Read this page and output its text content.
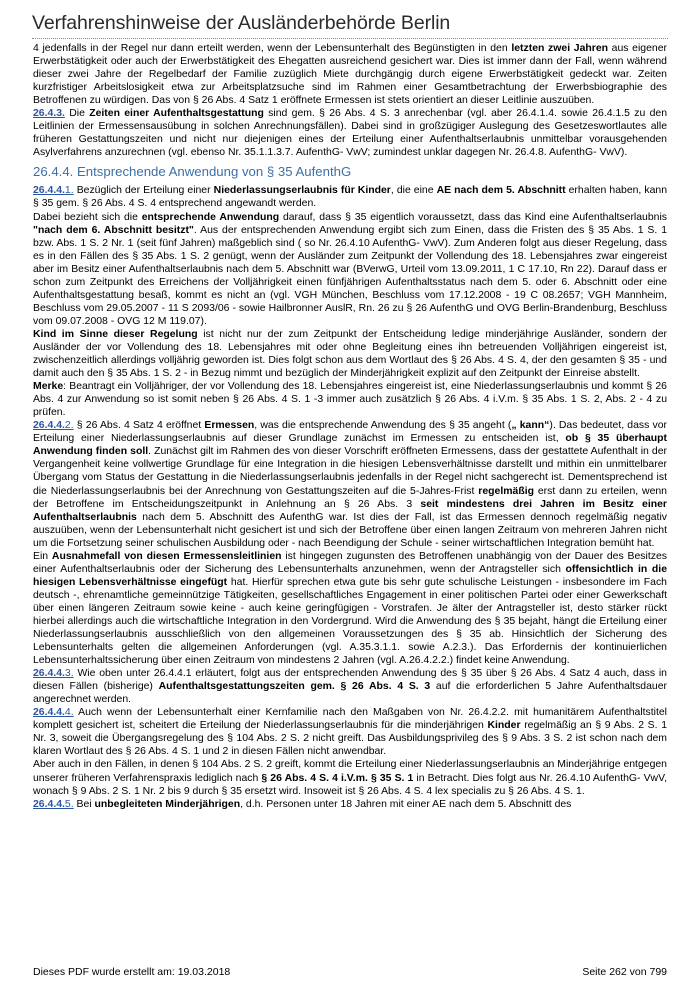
Verfahrenshinweise der Ausländerbehörde Berlin

4 jedenfalls in der Regel nur dann erteilt werden, wenn der Lebensunterhalt des Begünstigten in den letzten zwei Jahren aus eigener Erwerbstätigkeit oder auch der Erwerbstätigkeit des Ehegatten ausreichend gesichert war. Dies ist immer dann der Fall, wenn während dieser zwei Jahre der Regelbedarf der Familie zuzüglich Miete durchgängig durch eigene Erwerbstätigkeit gedeckt war. Zeiten kurzfristiger Arbeitslosigkeit etwa zur Arbeitsplatzsuche sind im Rahmen einer Gesamtbetrachtung der Erwerbsbiographie des Betroffenen zu würdigen. Das von § 26 Abs. 4 Satz 1 eröffnete Ermessen ist stets orientiert an dieser Leitlinie auszuüben.

26.4.3. Die Zeiten einer Aufenthaltsgestattung sind gem. § 26 Abs. 4 S. 3 anrechenbar (vgl. aber 26.4.1.4. sowie 26.4.1.5 zu den Leitlinien der Ermessensausübung in solchen Anrechnungsfällen). Dabei sind in großzügiger Auslegung des Gesetzeswortlautes alle früheren Gestattungszeiten und nicht nur diejenigen eines der Erteilung einer Aufenthaltserlaubnis unmittelbar vorausgehenden Asylverfahrens anzurechnen (vgl. ebenso Nr. 35.1.1.3.7. AufenthG- VwV; zumindest unklar dagegen Nr. 26.4.8. AufenthG- VwV).

26.4.4. Entsprechende Anwendung von § 35 AufenthG

26.4.4.1. Bezüglich der Erteilung einer Niederlassungserlaubnis für Kinder, die eine AE nach dem 5. Abschnitt erhalten haben, kann § 35 gem. § 26 Abs. 4 S. 4 entsprechend angewandt werden.

Dabei bezieht sich die entsprechende Anwendung darauf, dass § 35 eigentlich voraussetzt, dass das Kind eine Aufenthaltserlaubnis "nach dem 6. Abschnitt besitzt". Aus der entsprechenden Anwendung ergibt sich zum Einen, dass die Fristen des § 35 Abs. 1 S. 1 bzw. Abs. 1 S. 2 Nr. 1 (seit fünf Jahren) maßgeblich sind ( so Nr. 26.4.10 AufenthG- VwV). Zum Anderen folgt aus dieser Regelung, dass es in den Fällen des § 35 Abs. 1 S. 2 genügt, wenn der Ausländer zum Zeitpunkt der Vollendung des 18. Lebensjahres zwar eingereist aber im Besitz einer Aufenthaltserlaubnis nach dem 5. Abschnitt war (BVerwG, Urteil vom 13.09.2011, 1 C 17.10, Rn 22). Darauf dass er schon zum Zeitpunkt des Erreichens der Volljährigkeit einen fünfjährigen Aufenthaltsstatus nach dem 5. oder 6. Abschnitt oder eine Aufenthaltsgestattung besaß, kommt es nicht an (vgl. VGH München, Beschluss vom 17.12.2008 - 19 C 08.2657; VGH Mannheim, Beschluss vom 29.05.2007 - 11 S 2093/06 - sowie Hailbronner AuslR, Rn. 26 zu § 26 AufenthG und OVG Berlin-Brandenburg, Beschluss vom 09.07.2008 - OVG 12 M 119.07).

Kind im Sinne dieser Regelung ist nicht nur der zum Zeitpunkt der Entscheidung ledige minderjährige Ausländer, sondern der Ausländer der vor Vollendung des 18. Lebensjahres mit oder ohne Begleitung eines ihn betreuenden Volljährigen eingereist ist, zwischenzeitlich allerdings volljährig geworden ist. Dies folgt schon aus dem Wortlaut des § 26 Abs. 4 S. 4, der den gesamten § 35 - und damit auch den § 35 Abs. 1 S. 2 - in Bezug nimmt und bezüglich der Minderjährigkeit explizit auf den Zeitpunkt der Einreise abstellt.

Merke: Beantragt ein Volljähriger, der vor Vollendung des 18. Lebensjahres eingereist ist, eine Niederlassungserlaubnis und kommt § 26 Abs. 4 zur Anwendung so ist somit neben § 26 Abs. 4 S. 1 -3 immer auch zusätzlich § 26 Abs. 4 i.V.m. § 35 Abs. 1 S. 2, Abs. 2 - 4 zu prüfen.

26.4.4.2. § 26 Abs. 4 Satz 4 eröffnet Ermessen, was die entsprechende Anwendung des § 35 angeht („ kann“). Das bedeutet, dass vor Erteilung einer Niederlassungserlaubnis auf dieser Grundlage zunächst im Ermessen zu entscheiden ist, ob § 35 überhaupt Anwendung finden soll. Zunächst gilt im Rahmen des von dieser Vorschrift eröffneten Ermessens, dass der gestattete Aufenthalt in der Vergangenheit keine vollwertige Grundlage für eine Integration in die hiesigen Lebensverhältnisse darstellt und mithin ein unmittelbarer Übergang vom Status der Gestattung in die Niederlassungserlaubnis jedenfalls in der Regel nicht sachgerecht ist. Dementsprechend ist die Niederlassungserlaubnis bei der Anrechnung von Gestattungszeiten auf die 5-Jahres-Frist regelmäßig erst dann zu erteilen, wenn der Betroffene im Entscheidungszeitpunkt in Anlehnung an § 26 Abs. 3 seit mindestens drei Jahren im Besitz einer Aufenthaltserlaubnis nach dem 5. Abschnitt des AufenthG war. Ist dies der Fall, ist das Ermessen dennoch regelmäßig negativ auszuüben, wenn der Lebensunterhalt nicht gesichert ist und sich der Betroffene über einen langen Zeitraum von mehreren Jahren nicht um die Fortsetzung seiner schulischen Ausbildung oder - nach Beendigung der Schule - seiner wirtschaftlichen Integration bemüht hat.

Ein Ausnahmefall von diesen Ermessensleitlinien ist hingegen zugunsten des Betroffenen unabhängig von der Dauer des Besitzes einer Aufenthaltserlaubnis oder der Sicherung des Lebensunterhalts anzunehmen, wenn der Antragsteller sich offensichtlich in die hiesigen Lebensverhältnisse eingefügt hat. Hierfür sprechen etwa gute bis sehr gute schulische Leistungen - insbesondere im Fach deutsch -, ehrenamtliche gemeinnützige Tätigkeiten, gesellschaftliches Engagement in einer politischen Partei oder einer Gewerkschaft über einen längeren Zeitraum sowie keine - auch keine geringfügigen - Vorstrafen. Je älter der Antragsteller ist, desto stärker rückt hierbei allerdings auch die wirtschaftliche Integration in den Vordergrund. Wird die Anwendung des § 35 bejaht, hängt die Erteilung einer Niederlassungserlaubnis ausschließlich von den allgemeinen Voraussetzungen des § 35 ab. Hinsichtlich der Sicherung des Lebensunterhalts gelten die allgemeinen Anforderungen (vgl. A.35.3.1.1. sowie A.2.3.). Das Erfordernis der kontinuierlichen Lebensunterhaltssicherung über einen Zeitraum von mindestens 2 Jahren (vgl. A.26.4.2.2.) findet keine Anwendung.

26.4.4.3. Wie oben unter 26.4.4.1 erläutert, folgt aus der entsprechenden Anwendung des § 35 über § 26 Abs. 4 Satz 4 auch, dass in diesen Fällen (bisherige) Aufenthaltsgestattungszeiten gem. § 26 Abs. 4 S. 3 auf die erforderlichen 5 Jahre Aufenthaltsdauer angerechnet werden.

26.4.4.4. Auch wenn der Lebensunterhalt einer Kernfamilie nach den Maßgaben von Nr. 26.4.2.2. mit humanitärem Aufenthaltstitel komplett gesichert ist, scheitert die Erteilung der Niederlassungserlaubnis für die minderjährigen Kinder regelmäßig an § 9 Abs. 2 S. 1 Nr. 3, soweit die Übergangsregelung des § 104 Abs. 2 S. 2 nicht greift. Das Ausbildungsprivileg des § 9 Abs. 3 S. 2 ist schon nach dem klaren Wortlaut des § 26 Abs. 4 S. 1 und 2 in diesen Fällen nicht anwendbar.

Aber auch in den Fällen, in denen § 104 Abs. 2 S. 2 greift, kommt die Erteilung einer Niederlassungserlaubnis an Minderjährige entgegen unserer früheren Verfahrenspraxis lediglich nach § 26 Abs. 4 S. 4 i.V.m. § 35 S. 1 in Betracht. Dies folgt aus Nr. 26.4.10 AufenthG- VwV, wonach § 9 Abs. 2 S. 1 Nr. 2 bis 9 durch § 35 ersetzt wird. Insoweit ist § 26 Abs. 4 S. 4 lex specialis zu § 26 Abs. 4 S. 1.

26.4.4.5. Bei unbegleiteten Minderjährigen, d.h. Personen unter 18 Jahren mit einer AE nach dem 5. Abschnitt des

Dieses PDF wurde erstellt am: 19.03.2018	Seite 262 von 799
